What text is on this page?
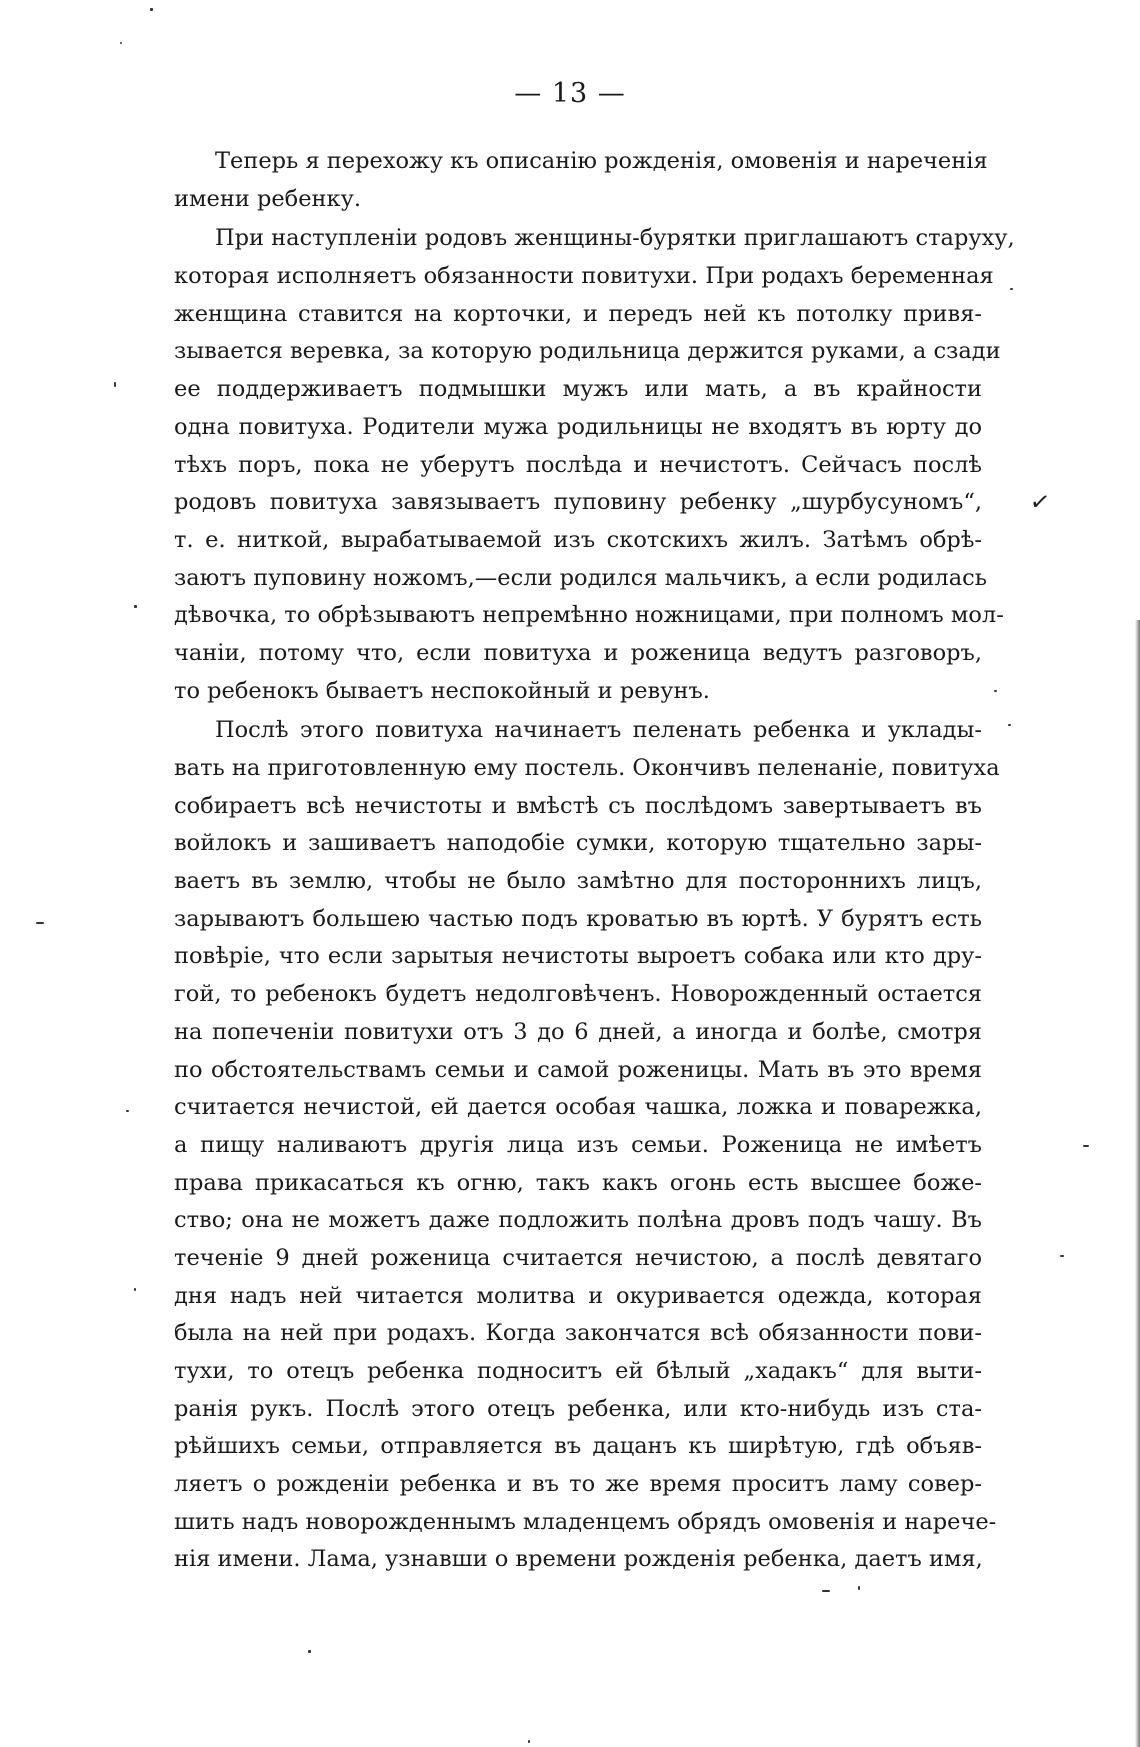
— 13 —
Теперь я перехожу къ описанію рожденія, омовенія и нареченія
имени ребенку.
При наступленіи родовъ женщины-бурятки приглашаютъ старуху,
которая исполняетъ обязанности повитухи. При родахъ беременная
женщина ставится на корточки, и передъ ней къ потолку привя-
зывается веревка, за которую родильница держится руками, а сзади
ее поддерживаетъ подмышки мужъ или мать, а въ крайности
одна повитуха. Родители мужа родильницы не входятъ въ юрту до
тѣхъ поръ, пока не уберутъ послѣда и нечистотъ. Сейчасъ послѣ
родовъ повитуха завязываетъ пуповину ребенку „шурбусуномъ“,
т. е. ниткой, вырабатываемой изъ скотскихъ жилъ. Затѣмъ обрѣ-
заютъ пуповину ножомъ,—если родился мальчикъ, а если родилась
дѣвочка, то обрѣзываютъ непремѣнно ножницами, при полномъ мол-
чаніи, потому что, если повитуха и роженица ведутъ разговоръ,
то ребенокъ бываетъ неспокойный и ревунъ.
Послѣ этого повитуха начинаетъ пеленать ребенка и уклады-
вать на приготовленную ему постель. Окончивъ пеленаніе, повитуха
собираетъ всѣ нечистоты и вмѣстѣ съ послѣдомъ завертываетъ въ
войлокъ и зашиваетъ наподобіе сумки, которую тщательно зары-
ваетъ въ землю, чтобы не было замѣтно для постороннихъ лицъ,
зарываютъ большею частью подъ кроватью въ юртѣ. У бурятъ есть
повѣріе, что если зарытыя нечистоты выроетъ собака или кто дру-
гой, то ребенокъ будетъ недолговѣченъ. Новорожденный остается
на попеченіи повитухи отъ 3 до 6 дней, а иногда и болѣе, смотря
по обстоятельствамъ семьи и самой роженицы. Мать въ это время
считается нечистой, ей дается особая чашка, ложка и поварежка,
а пищу наливаютъ другія лица изъ семьи. Роженица не имѣетъ
права прикасаться къ огню, такъ какъ огонь есть высшее боже-
ство; она не можетъ даже подложить полѣна дровъ подъ чашу. Въ
теченіе 9 дней роженица считается нечистою, а послѣ девятаго
дня надъ ней читается молитва и окуривается одежда, которая
была на ней при родахъ. Когда закончатся всѣ обязанности пови-
тухи, то отецъ ребенка подноситъ ей бѣлый „хадакъ“ для выти-
ранія рукъ. Послѣ этого отецъ ребенка, или кто-нибудь изъ ста-
рѣйшихъ семьи, отправляется въ дацанъ къ ширѣтую, гдѣ объяв-
ляетъ о рожденіи ребенка и въ то же время проситъ ламу совер-
шить надъ новорожденнымъ младенцемъ обрядъ омовенія и нарече-
нія имени. Лама, узнавши о времени рожденія ребенка, даетъ имя,
✓
